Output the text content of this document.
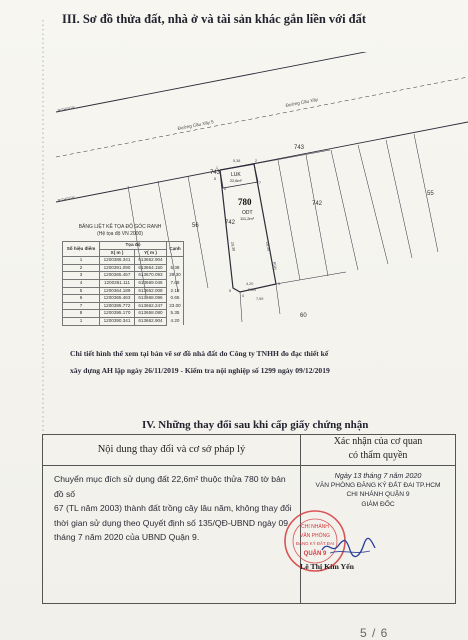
III. Sơ đồ thửa đất, nhà ở và tài sản khác gắn liền với đất
Đường Cầu Xây 5
Đường Cầu Xây
RGHDGK
RGHDGK
LUK
22,6m²
780
ODT
111,2m²
743
743
742
742
55
56
60
28,30
29,30
5,38
4,20
7,59
RGN
RGN
1
2
3
4
5
6
7
8
BẢNG LIỆT KÊ TỌA ĐỘ GÓC RANH
(Hệ tọa độ VN 2000)
Số hiệu điểm	Tọa độ		Cạnh
	X( m )	Y( m )	
1	1200386.341	613662.904	
2	1200391.090	613664.150	5.38
3	1200365.457	613670.093	29.30
4	1200361.111	613669.046	7.68
5	1200364.189	613662.008	2.18
6	1200365.463	613668.096	0.65
7	1200385.772	613662.247	23.00
8	1200395.170	613658.080	5.35
1	1200390.341	613662.904	4.20
Chi tiết hình thể xem tại bản vẽ sơ đồ nhà đất do Công ty TNHH đo đạc thiết kế
xây dựng AH lập ngày 26/11/2019 - Kiểm tra nội nghiệp số 1299 ngày 09/12/2019
IV. Những thay đổi sau khi cấp giấy chứng nhận
Nội dung thay đổi và cơ sở pháp lý
Xác nhận của cơ quan
có thẩm quyền
Chuyển mục đích sử dụng đất 22,6m² thuộc thửa 780 tờ bản đồ số
67 (TL năm 2003) thành đất trồng cây lâu năm, không thay đổi
thời gian sử dụng theo Quyết định số 135/QĐ-UBND ngày 09
tháng 7 năm 2020 của UBND Quận 9.
Ngày 13 tháng 7 năm 2020
VĂN PHÒNG ĐĂNG KÝ ĐẤT ĐAI TP.HCM
CHI NHÁNH QUẬN 9
GIÁM ĐỐC
CHI NHÁNH
VĂN PHÒNG
ĐĂNG KÝ ĐẤT ĐAI
QUẬN 9
Lê Thị Kim Yến
5 / 6
